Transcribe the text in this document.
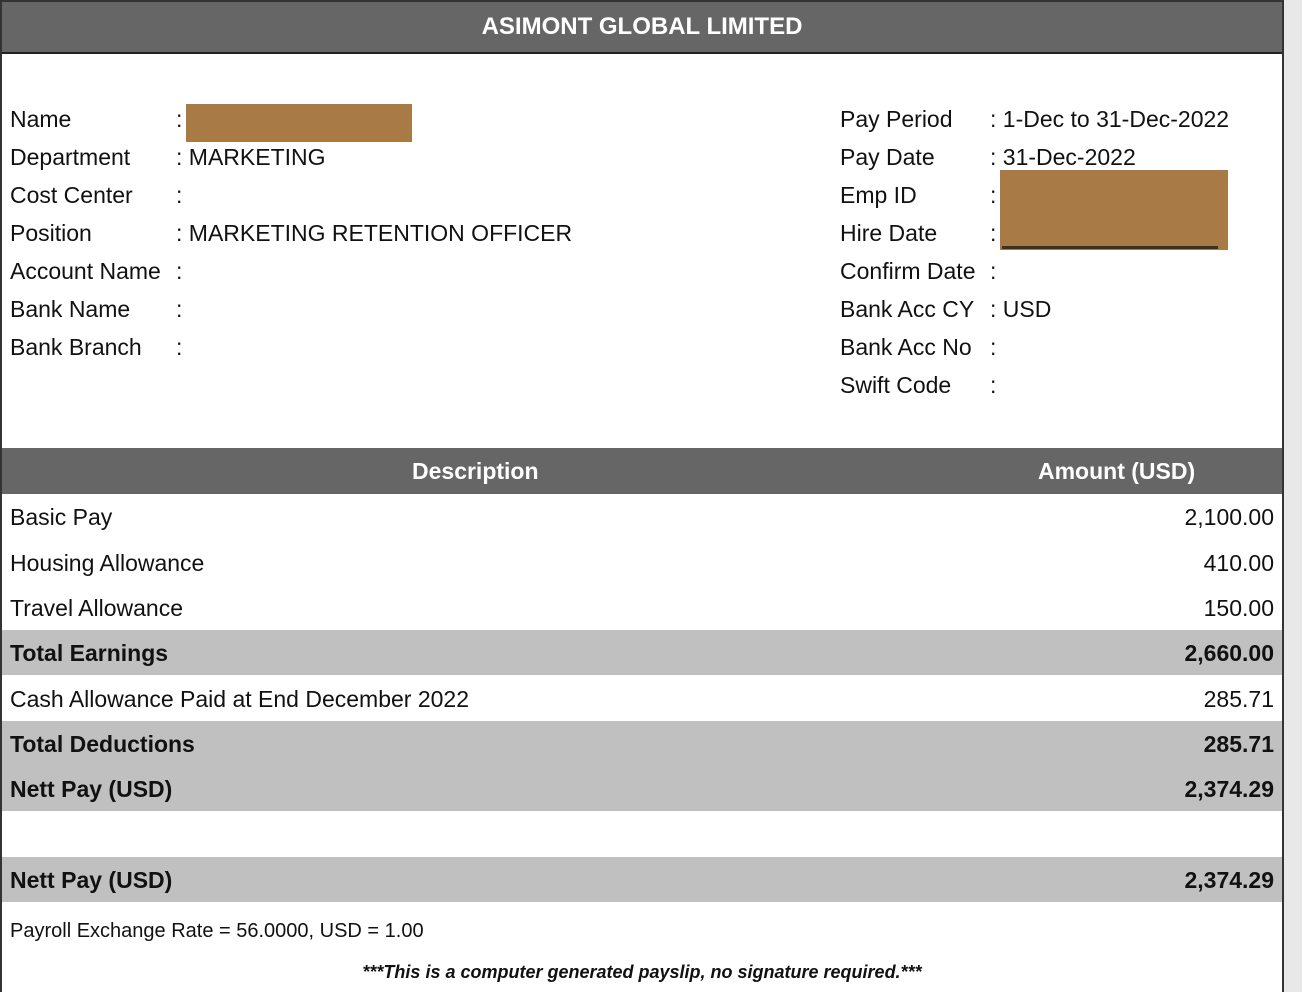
ASIMONT GLOBAL LIMITED
Name	:
Department : MARKETING
Cost Center :
Position	: MARKETING RETENTION OFFICER
Account Name :
Bank Name :
Bank Branch :
Pay Period : 1-Dec to 31-Dec-2022
Pay Date : 31-Dec-2022
Emp ID	:
Hire Date :
Confirm Date :
Bank Acc CY : USD
Bank Acc No :
Swift Code :
Description	Amount (USD)
Basic Pay	2,100.00
Housing Allowance	410.00
Travel Allowance	150.00
Total Earnings	2,660.00
Cash Allowance Paid at End December 2022	285.71
Total Deductions	285.71
Nett Pay (USD)	2,374.29
Nett Pay (USD)	2,374.29
Payroll Exchange Rate = 56.0000, USD = 1.00
***This is a computer generated payslip, no signature required.***
